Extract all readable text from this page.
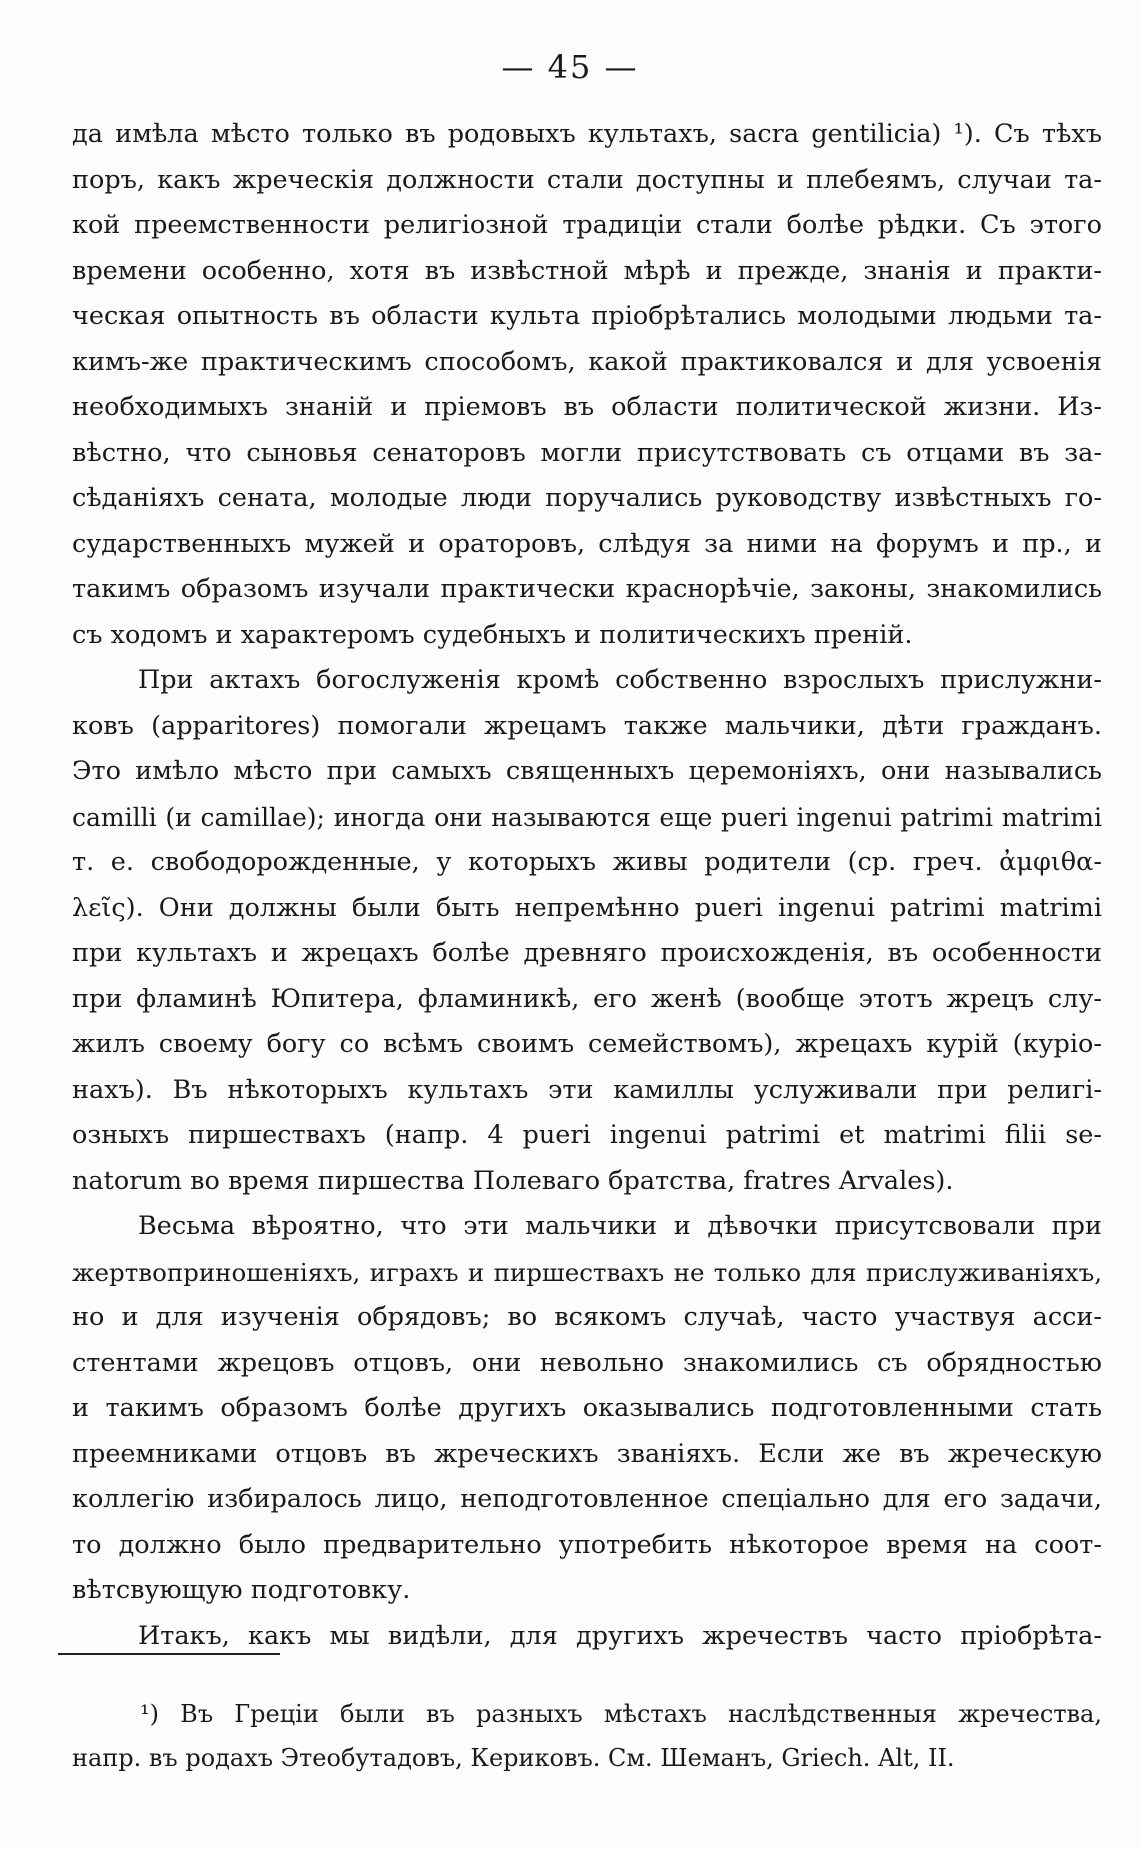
— 45 —
да имѣла мѣсто только въ родовыхъ культахъ, sacra gentilicia) ¹). Съ тѣхъ
поръ, какъ жреческія должности стали доступны и плебеямъ, случаи та-
кой преемственности религіозной традиціи стали болѣе рѣдки. Съ этого
времени особенно, хотя въ извѣстной мѣрѣ и прежде, знанія и практи-
ческая опытность въ области культа пріобрѣтались молодыми людьми та-
кимъ-же практическимъ способомъ, какой практиковался и для усвоенія
необходимыхъ знаній и пріемовъ въ области политической жизни. Из-
вѣстно, что сыновья сенаторовъ могли присутствовать съ отцами въ за-
сѣданіяхъ сената, молодые люди поручались руководству извѣстныхъ го-
сударственныхъ мужей и ораторовъ, слѣдуя за ними на форумъ и пр., и
такимъ образомъ изучали практически краснорѣчіе, законы, знакомились
съ ходомъ и характеромъ судебныхъ и политическихъ преній.
При актахъ богослуженія кромѣ собственно взрослыхъ прислужни-
ковъ (apparitores) помогали жрецамъ также мальчики, дѣти гражданъ.
Это имѣло мѣсто при самыхъ священныхъ церемоніяхъ, они назывались
camilli (и camillae); иногда они называются еще pueri ingenui patrimi matrimi
т. е. свободорожденные, у которыхъ живы родители (ср. греч. ἀμφιθα-
λεῖς). Они должны были быть непремѣнно pueri ingenui patrimi matrimi
при культахъ и жрецахъ болѣе древняго происхожденія, въ особенности
при фламинѣ Юпитера, фламиникѣ, его женѣ (вообще этотъ жрецъ слу-
жилъ своему богу со всѣмъ своимъ семействомъ), жрецахъ курій (куріо-
нахъ). Въ нѣкоторыхъ культахъ эти камиллы услуживали при религі-
озныхъ пиршествахъ (напр. 4 pueri ingenui patrimi et matrimi filii se-
natorum во время пиршества Полеваго братства, fratres Arvales).
Весьма вѣроятно, что эти мальчики и дѣвочки присутсвовали при
жертвоприношеніяхъ, играхъ и пиршествахъ не только для прислуживаніяхъ,
но и для изученія обрядовъ; во всякомъ случаѣ, часто участвуя асси-
стентами жрецовъ отцовъ, они невольно знакомились съ обрядностью
и такимъ образомъ болѣе другихъ оказывались подготовленными стать
преемниками отцовъ въ жреческихъ званіяхъ. Если же въ жреческую
коллегію избиралось лицо, неподготовленное спеціально для его задачи,
то должно было предварительно употребить нѣкоторое время на соот-
вѣтсвующую подготовку.
Итакъ, какъ мы видѣли, для другихъ жречествъ часто пріобрѣта-
¹) Въ Греціи были въ разныхъ мѣстахъ наслѣдственныя жречества,
напр. въ родахъ Этеобутадовъ, Кериковъ. См. Шеманъ, Griech. Alt, II.
